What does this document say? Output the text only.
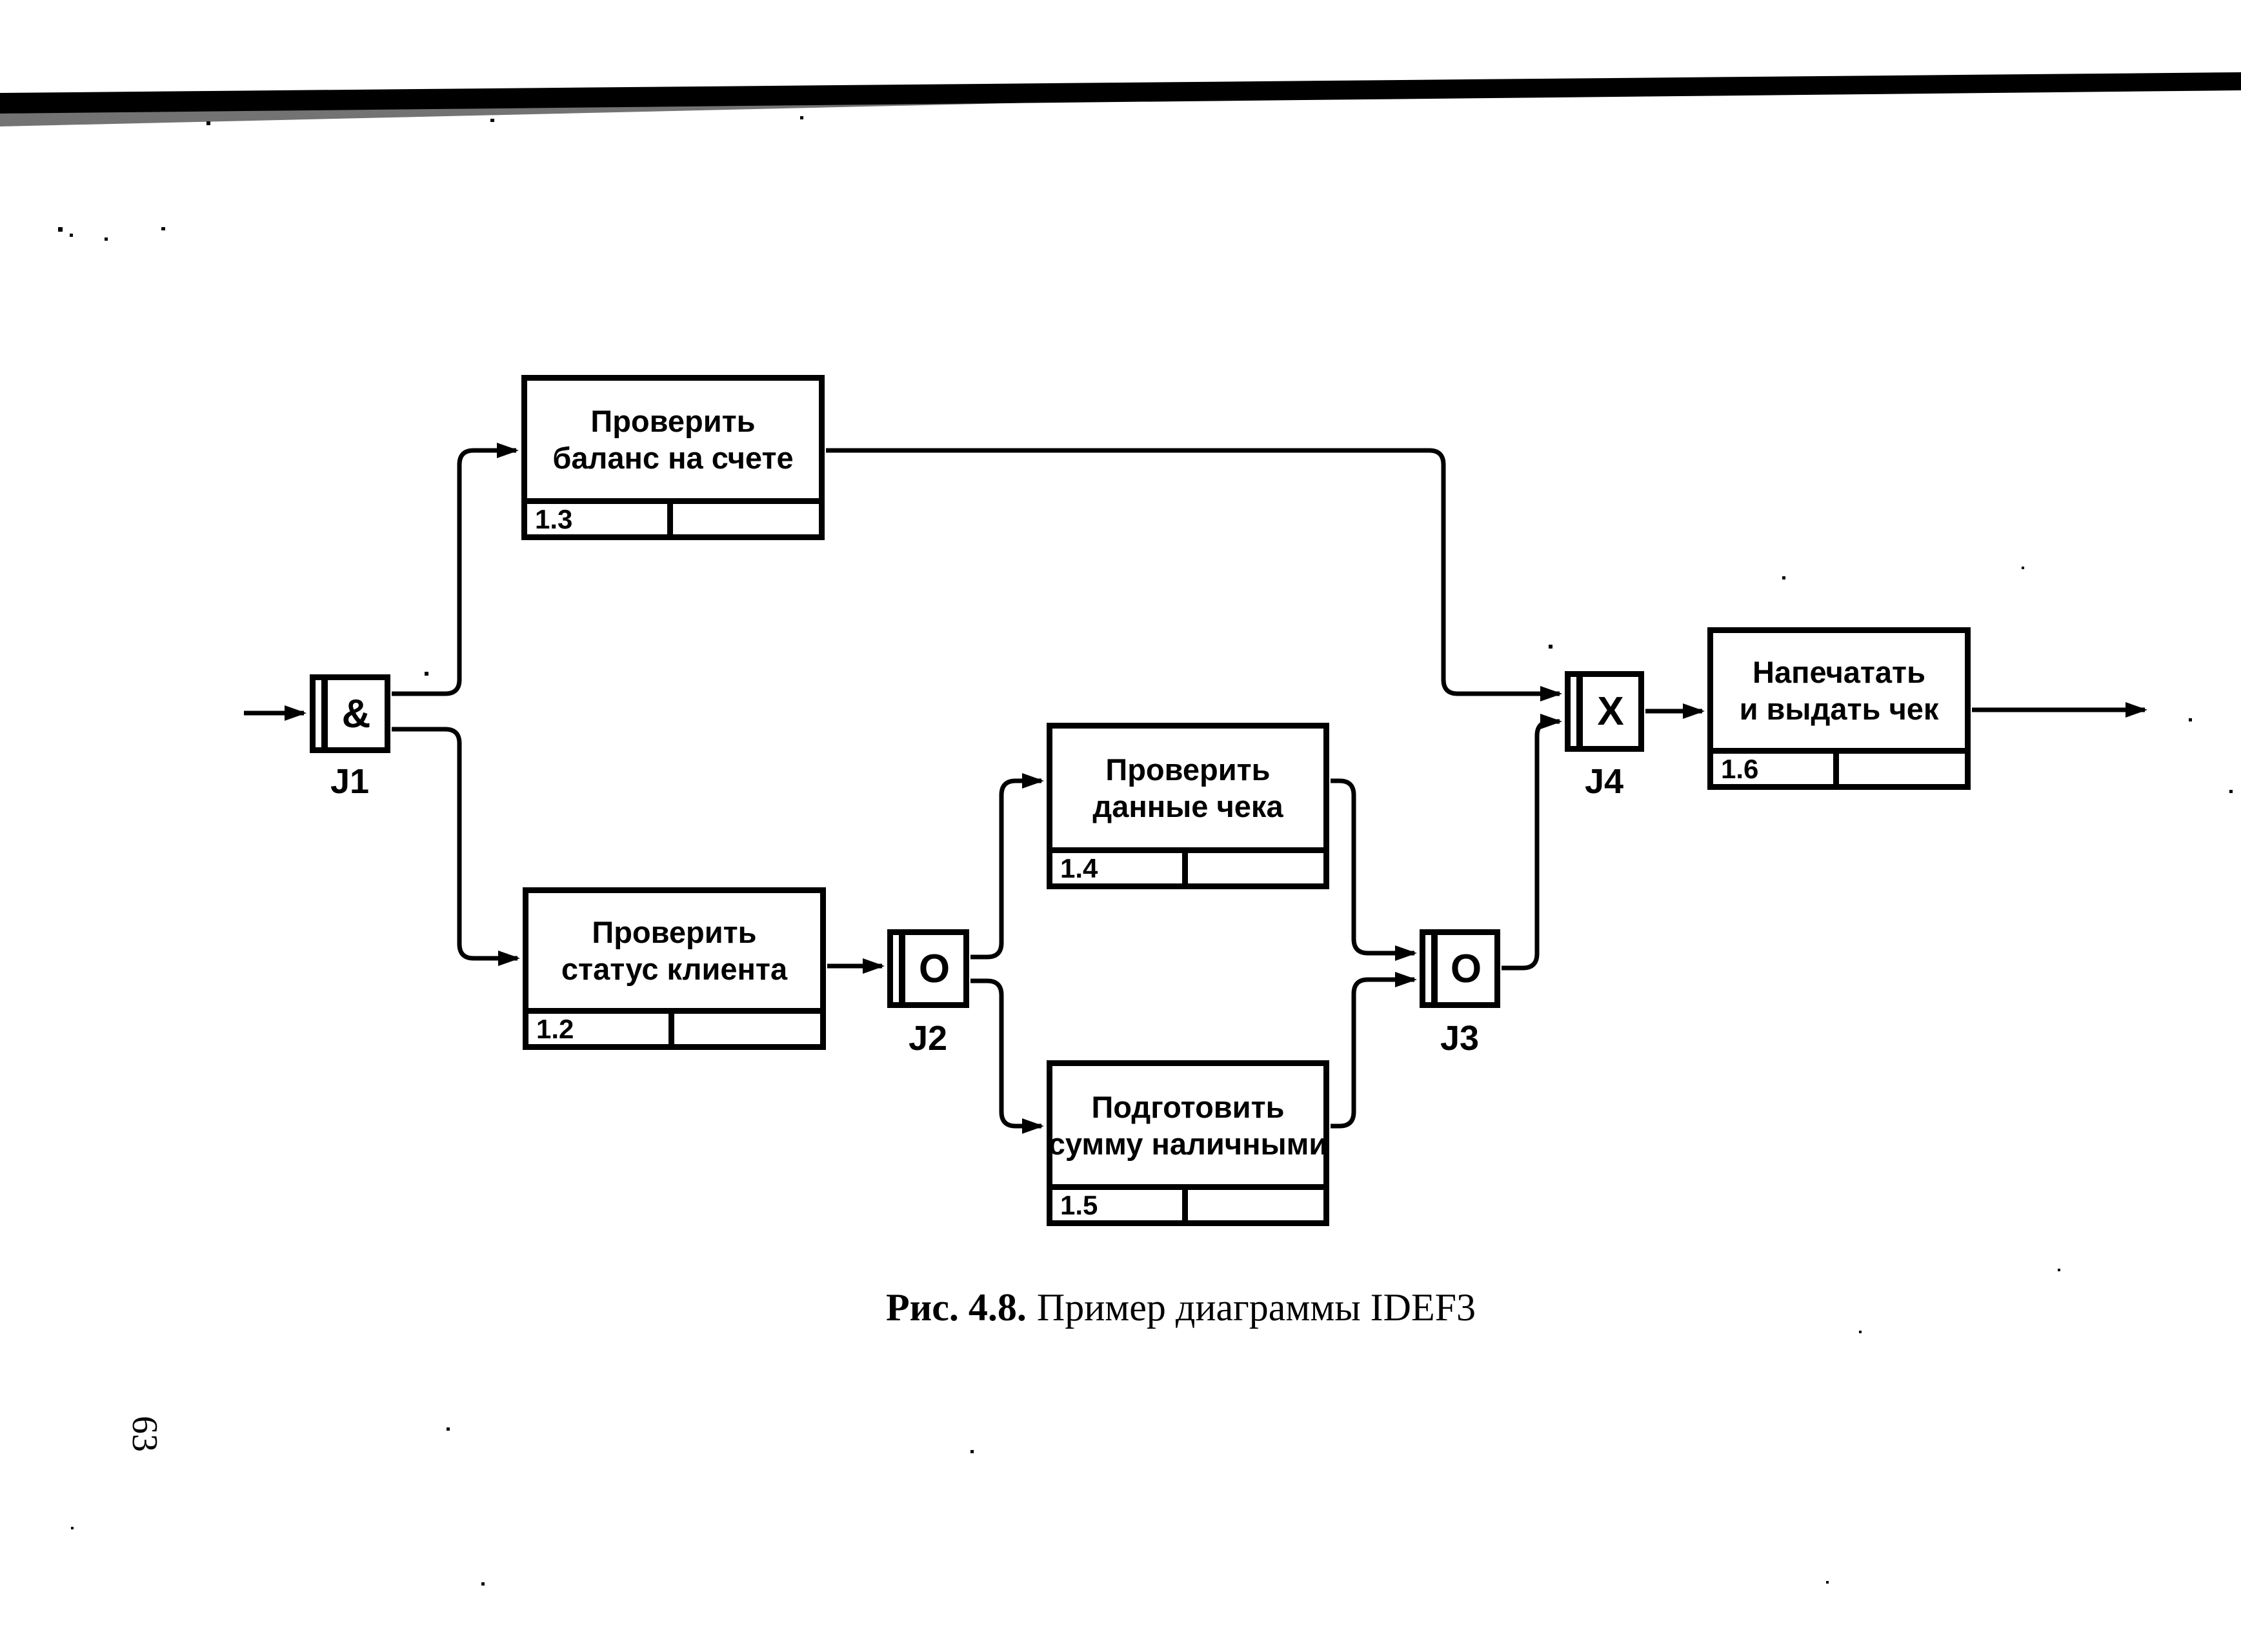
Проверить
баланс на счете
1.3
Проверить
статус клиента
1.2
Проверить
данные чека
1.4
Подготовить
сумму наличными
1.5
Напечатать
и выдать чек
1.6
&
J1
O
J2
O
J3
X
J4
Рис. 4.8. Пример диаграммы IDEF3
63
